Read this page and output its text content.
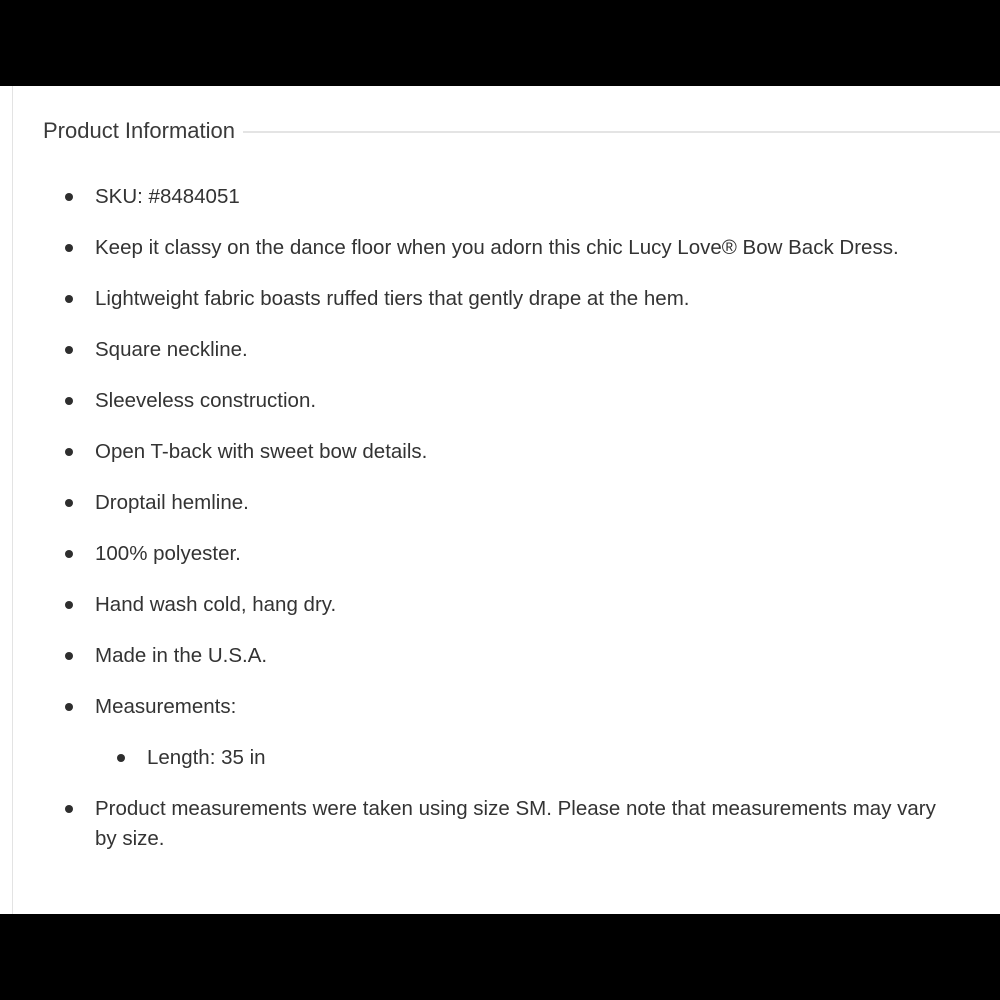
Product Information
SKU: #8484051
Keep it classy on the dance floor when you adorn this chic Lucy Love® Bow Back Dress.
Lightweight fabric boasts ruffed tiers that gently drape at the hem.
Square neckline.
Sleeveless construction.
Open T-back with sweet bow details.
Droptail hemline.
100% polyester.
Hand wash cold, hang dry.
Made in the U.S.A.
Measurements:
Length: 35 in
Product measurements were taken using size SM. Please note that measurements may vary by size.
